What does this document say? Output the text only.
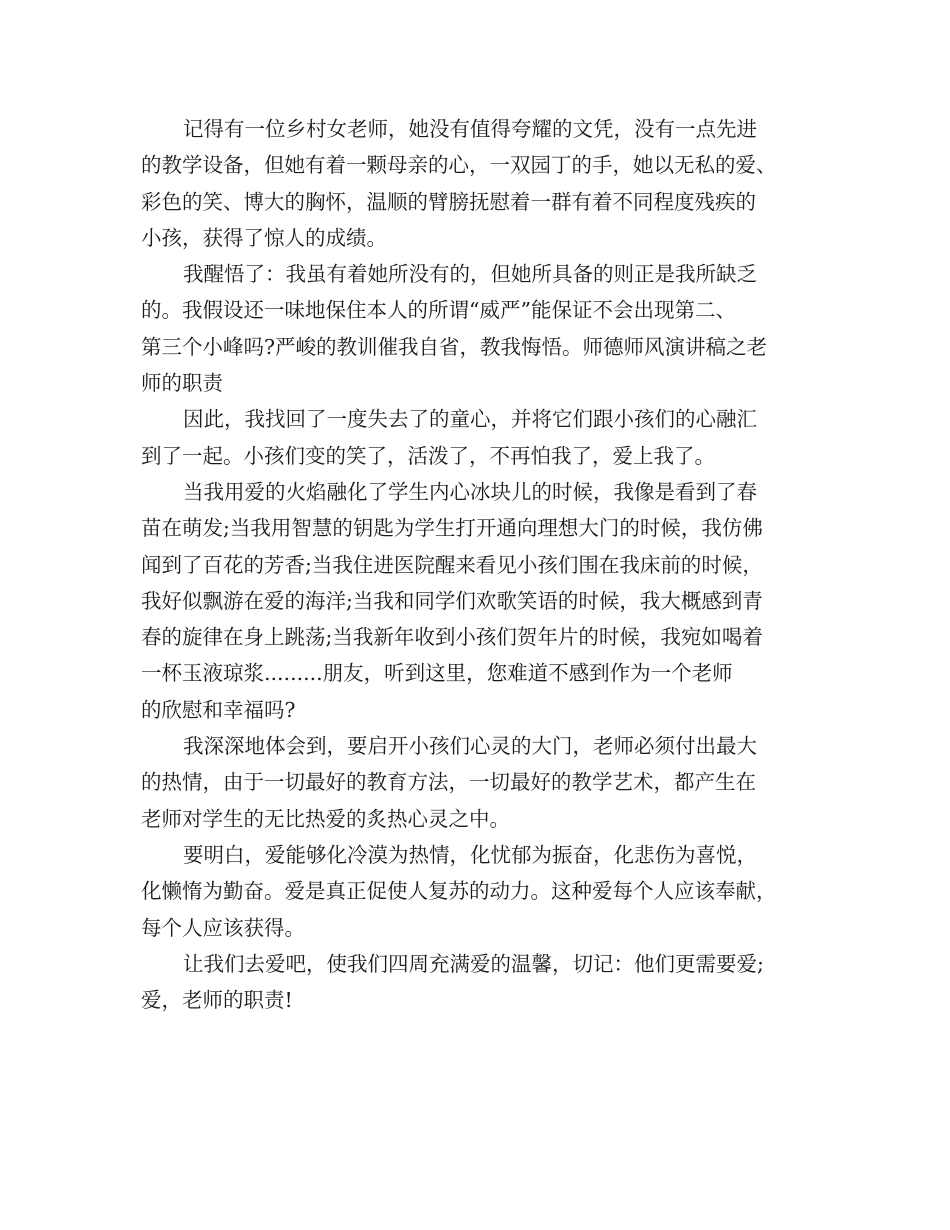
记得有一位乡村女老师，她没有值得夸耀的文凭，没有一点先进
的教学设备，但她有着一颗母亲的心，一双园丁的手，她以无私的爱、
彩色的笑、博大的胸怀，温顺的臂膀抚慰着一群有着不同程度残疾的
小孩，获得了惊人的成绩。
我醒悟了：我虽有着她所没有的，但她所具备的则正是我所缺乏
的。我假设还一味地保住本人的所谓“威严”能保证不会出现第二、
第三个小峰吗?严峻的教训催我自省，教我悔悟。师德师风演讲稿之老
师的职责
因此，我找回了一度失去了的童心，并将它们跟小孩们的心融汇
到了一起。小孩们变的笑了，活泼了，不再怕我了，爱上我了。
当我用爱的火焰融化了学生内心冰块儿的时候，我像是看到了春
苗在萌发;当我用智慧的钥匙为学生打开通向理想大门的时候，我仿佛
闻到了百花的芳香;当我住进医院醒来看见小孩们围在我床前的时候，
我好似飘游在爱的海洋;当我和同学们欢歌笑语的时候，我大概感到青
春的旋律在身上跳荡;当我新年收到小孩们贺年片的时候，我宛如喝着
一杯玉液琼浆.........朋友，听到这里，您难道不感到作为一个老师
的欣慰和幸福吗?
我深深地体会到，要启开小孩们心灵的大门，老师必须付出最大
的热情，由于一切最好的教育方法，一切最好的教学艺术，都产生在
老师对学生的无比热爱的炙热心灵之中。
要明白，爱能够化冷漠为热情，化忧郁为振奋，化悲伤为喜悦，
化懒惰为勤奋。爱是真正促使人复苏的动力。这种爱每个人应该奉献，
每个人应该获得。
让我们去爱吧，使我们四周充满爱的温馨，切记：他们更需要爱;
爱，老师的职责!
